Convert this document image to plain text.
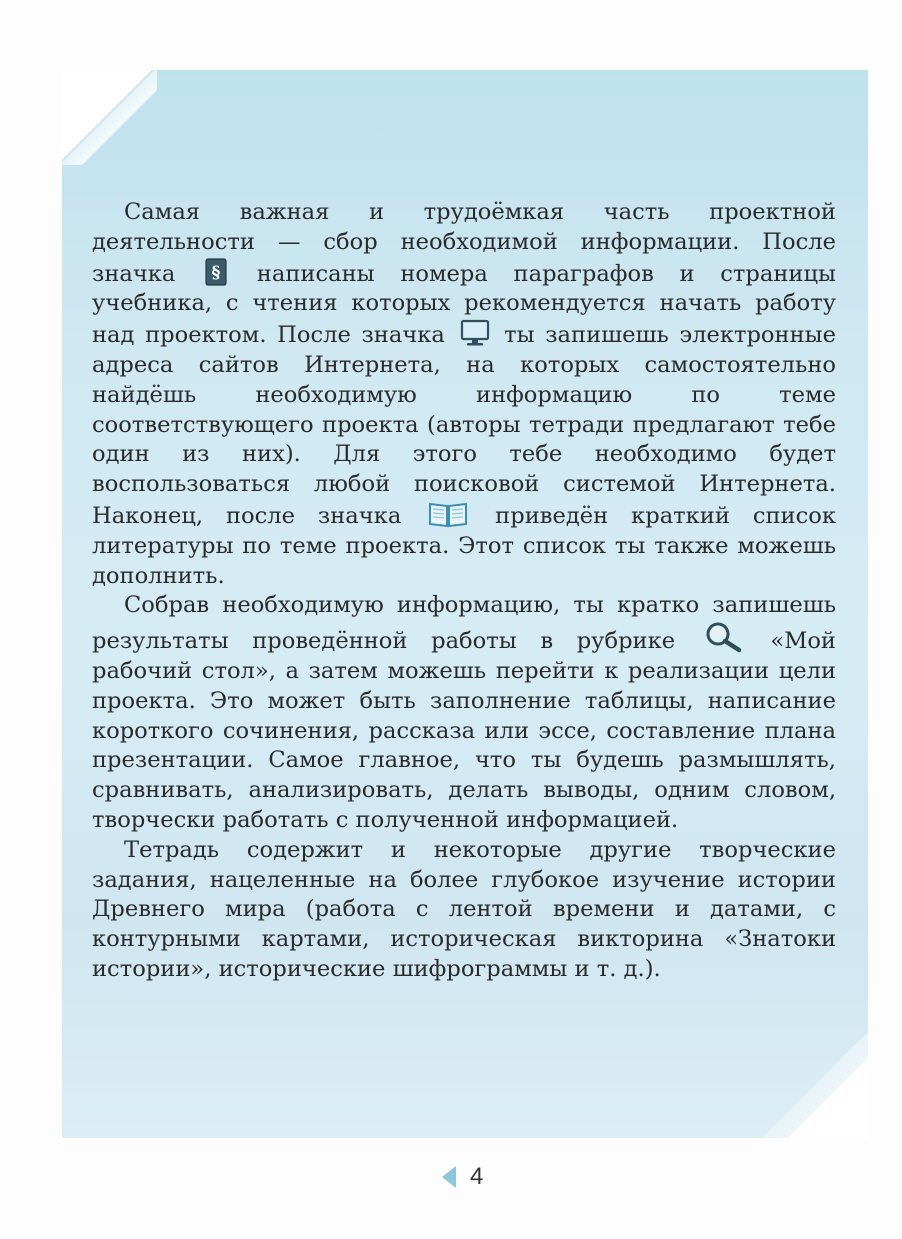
Самая важная и трудоёмкая часть проектной деятельности — сбор необходимой информации. После значка § написаны номера параграфов и страницы учебника, с чтения которых рекомендуется начать работу над проектом. После значка
ты запишешь электронные адреса сайтов Интернета, на которых самостоятельно найдёшь необходимую информацию по теме соответствующего проекта (авторы тетради предлагают тебе один из них). Для этого тебе необходимо будет воспользоваться любой поисковой системой Интернета. Наконец, после значка
приведён краткий список литературы по теме проекта. Этот список ты также можешь дополнить.

Собрав необходимую информацию, ты кратко запишешь результаты проведённой работы в рубрике
«Мой рабочий стол», а затем можешь перейти к реализации цели проекта. Это может быть заполнение таблицы, написание короткого сочинения, рассказа или эссе, составление плана презентации. Самое главное, что ты будешь размышлять, сравнивать, анализировать, делать выводы, одним словом, творчески работать с полученной информацией.

Тетрадь содержит и некоторые другие творческие задания, нацеленные на более глубокое изучение истории Древнего мира (работа с лентой времени и датами, с контурными картами, историческая викторина «Знатоки истории», исторические шифрограммы и т. д.).

4
